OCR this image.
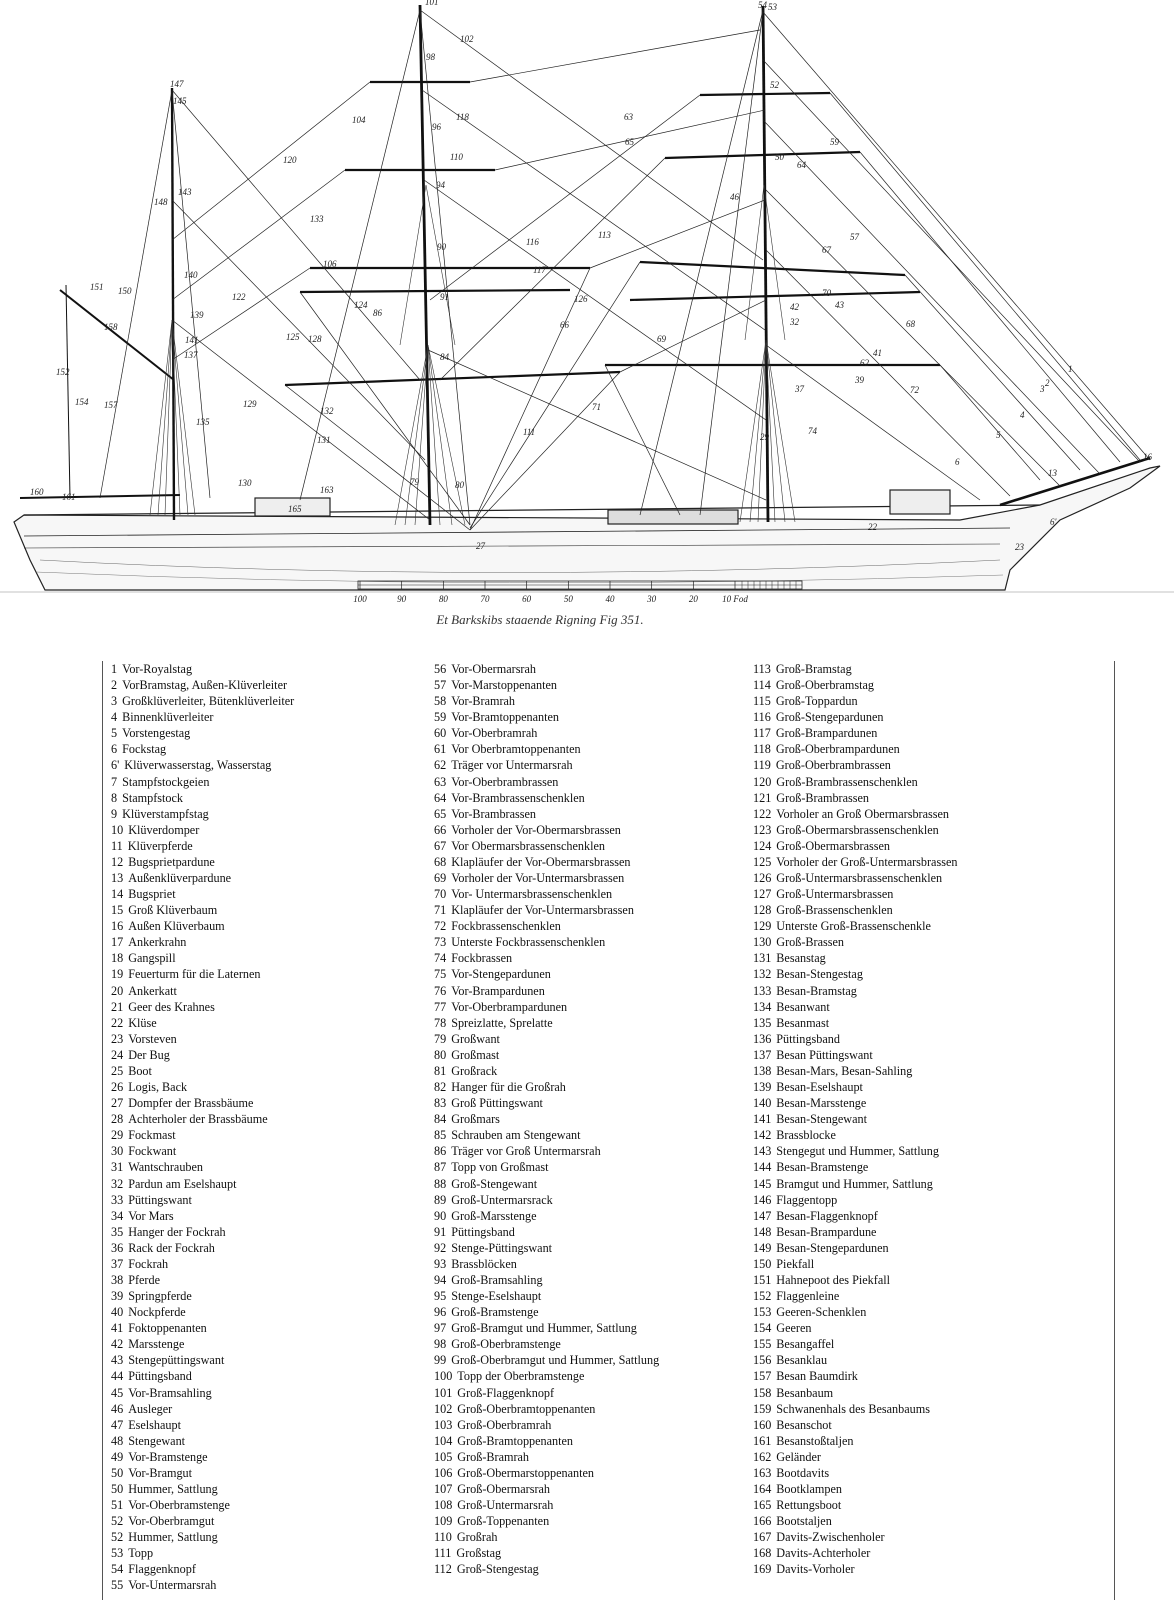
1
2
3
4
5
6
6'
13
16
22
23
27
29
32
37
39
41
42	43
46
50
52
53
54
57
59
62
63
64
65
66
67
68
69
70
71
72
74
79	80
84
86
90
91
94
96
98
101
102
104
106
110
111
113
116
117
118
120
122
124
125
126
128
129
130
131
132
133
135
137
139
140
141
143
145
147
148
150
151
152
154 157
158
160 161
163
165
100	90	80	70	60	50	40	30	20	10 Fod
Et Barkskibs staaende Rigning Fig 351.
1 Vor-Royalstag
2 VorBramstag, Außen-Klüverleiter
3 Großklüverleiter, Bütenklüverleiter
4 Binnenklüverleiter
5 Vorstengestag
6 Fockstag
6' Klüverwasserstag, Wasserstag
7 Stampfstockgeien
8 Stampfstock
9 Klüverstampfstag
10 Klüverdomper
11 Klüverpferde
12 Bugsprietpardune
13 Außenklüverpardune
14 Bugspriet
15 Groß Klüverbaum
16 Außen Klüverbaum
17 Ankerkrahn
18 Gangspill
19 Feuerturm für die Laternen
20 Ankerkatt
21 Geer des Krahnes
22 Klüse
23 Vorsteven
24 Der Bug
25 Boot
26 Logis, Back
27 Dompfer der Brassbäume
28 Achterholer der Brassbäume
29 Fockmast
30 Fockwant
31 Wantschrauben
32 Pardun am Eselshaupt
33 Püttingswant
34 Vor Mars
35 Hanger der Fockrah
36 Rack der Fockrah
37 Fockrah
38 Pferde
39 Springpferde
40 Nockpferde
41 Foktoppenanten
42 Marsstenge
43 Stengepüttingswant
44 Püttingsband
45 Vor-Bramsahling
46 Ausleger
47 Eselshaupt
48 Stengewant
49 Vor-Bramstenge
50 Vor-Bramgut
50 Hummer, Sattlung
51 Vor-Oberbramstenge
52 Vor-Oberbramgut
52 Hummer, Sattlung
53 Topp
54 Flaggenknopf
55 Vor-Untermarsrah
56 Vor-Obermarsrah
57 Vor-Marstoppenanten
58 Vor-Bramrah
59 Vor-Bramtoppenanten
60 Vor-Oberbramrah
61 Vor Oberbramtoppenanten
62 Träger vor Untermarsrah
63 Vor-Oberbrambrassen
64 Vor-Brambrassenschenklen
65 Vor-Brambrassen
66 Vorholer der Vor-Obermarsbrassen
67 Vor Obermarsbrassenschenklen
68 Klapläufer der Vor-Obermarsbrassen
69 Vorholer der Vor-Untermarsbrassen
70 Vor- Untermarsbrassenschenklen
71 Klapläufer der Vor-Untermarsbrassen
72 Fockbrassenschenklen
73 Unterste Fockbrassenschenklen
74 Fockbrassen
75 Vor-Stengepardunen
76 Vor-Brampardunen
77 Vor-Oberbrampardunen
78 Spreizlatte, Sprelatte
79 Großwant
80 Großmast
81 Großrack
82 Hanger für die Großrah
83 Groß Püttingswant
84 Großmars
85 Schrauben am Stengewant
86 Träger vor Groß Untermarsrah
87 Topp von Großmast
88 Groß-Stengewant
89 Groß-Untermarsrack
90 Groß-Marsstenge
91 Püttingsband
92 Stenge-Püttingswant
93 Brassblöcken
94 Groß-Bramsahling
95 Stenge-Eselshaupt
96 Groß-Bramstenge
97 Groß-Bramgut und Hummer, Sattlung
98 Groß-Oberbramstenge
99 Groß-Oberbramgut und Hummer, Sattlung
100 Topp der Oberbramstenge
101 Groß-Flaggenknopf
102 Groß-Oberbramtoppenanten
103 Groß-Oberbramrah
104 Groß-Bramtoppenanten
105 Groß-Bramrah
106 Groß-Obermarstoppenanten
107 Groß-Obermarsrah
108 Groß-Untermarsrah
109 Groß-Toppenanten
110 Großrah
111 Großstag
112 Groß-Stengestag
113 Groß-Bramstag
114 Groß-Oberbramstag
115 Groß-Toppardun
116 Groß-Stengepardunen
117 Groß-Brampardunen
118 Groß-Oberbrampardunen
119 Groß-Oberbrambrassen
120 Groß-Brambrassenschenklen
121 Groß-Brambrassen
122 Vorholer an Groß Obermarsbrassen
123 Groß-Obermarsbrassenschenklen
124 Groß-Obermarsbrassen
125 Vorholer der Groß-Untermarsbrassen
126 Groß-Untermarsbrassenschenklen
127 Groß-Untermarsbrassen
128 Groß-Brassenschenklen
129 Unterste Groß-Brassenschenkle
130 Groß-Brassen
131 Besanstag
132 Besan-Stengestag
133 Besan-Bramstag
134 Besanwant
135 Besanmast
136 Püttingsband
137 Besan Püttingswant
138 Besan-Mars, Besan-Sahling
139 Besan-Eselshaupt
140 Besan-Marsstenge
141 Besan-Stengewant
142 Brassblocke
143 Stengegut und Hummer, Sattlung
144 Besan-Bramstenge
145 Bramgut und Hummer, Sattlung
146 Flaggentopp
147 Besan-Flaggenknopf
148 Besan-Brampardune
149 Besan-Stengepardunen
150 Piekfall
151 Hahnepoot des Piekfall
152 Flaggenleine
153 Geeren-Schenklen
154 Geeren
155 Besangaffel
156 Besanklau
157 Besan Baumdirk
158 Besanbaum
159 Schwanenhals des Besanbaums
160 Besanschot
161 Besanstoßtaljen
162 Geländer
163 Bootdavits
164 Bootklampen
165 Rettungsboot
166 Bootstaljen
167 Davits-Zwischenholer
168 Davits-Achterholer
169 Davits-Vorholer
